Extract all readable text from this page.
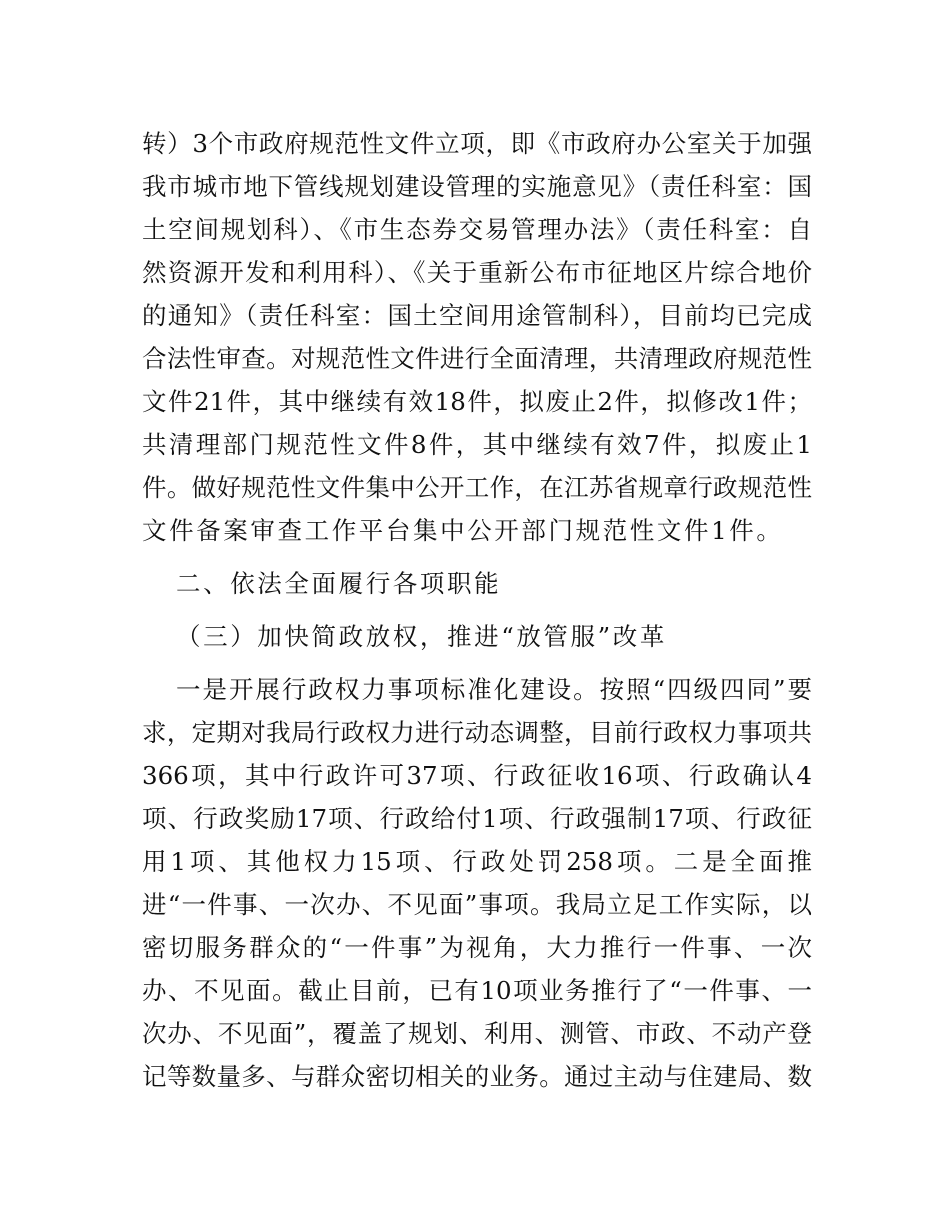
转）3个市政府规范性文件立项，即《市政府办公室关于加强
我市城市地下管线规划建设管理的实施意见》（责任科室：国
土空间规划科）、《市生态券交易管理办法》（责任科室：自
然资源开发和利用科）、《关于重新公布市征地区片综合地价
的通知》（责任科室：国土空间用途管制科），目前均已完成
合法性审查。对规范性文件进行全面清理，共清理政府规范性
文件21件，其中继续有效18件，拟废止2件，拟修改1件；
共清理部门规范性文件8件，其中继续有效7件，拟废止1
件。做好规范性文件集中公开工作，在江苏省规章行政规范性
文件备案审查工作平台集中公开部门规范性文件1件。
二、依法全面履行各项职能
（三）加快简政放权，推进“放管服”改革
一是开展行政权力事项标准化建设。按照“四级四同”要
求，定期对我局行政权力进行动态调整，目前行政权力事项共
366项，其中行政许可37项、行政征收16项、行政确认4
项、行政奖励17项、行政给付1项、行政强制17项、行政征
用1项、其他权力15项、行政处罚258项。二是全面推
进“一件事、一次办、不见面”事项。我局立足工作实际，以
密切服务群众的“一件事”为视角，大力推行一件事、一次
办、不见面。截止目前，已有10项业务推行了“一件事、一
次办、不见面”，覆盖了规划、利用、测管、市政、不动产登
记等数量多、与群众密切相关的业务。通过主动与住建局、数
